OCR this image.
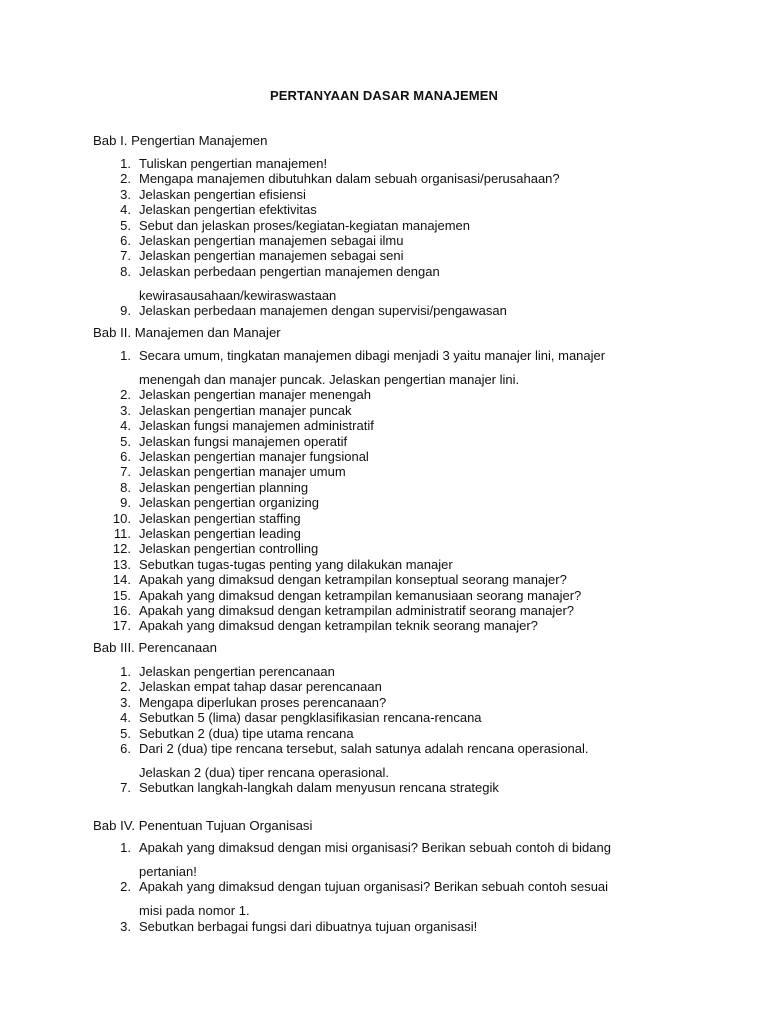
PERTANYAAN DASAR MANAJEMEN
Bab I. Pengertian Manajemen
1. Tuliskan pengertian manajemen!
2. Mengapa manajemen dibutuhkan dalam sebuah organisasi/perusahaan?
3. Jelaskan pengertian efisiensi
4. Jelaskan pengertian efektivitas
5. Sebut dan jelaskan proses/kegiatan-kegiatan manajemen
6. Jelaskan pengertian manajemen sebagai ilmu
7. Jelaskan pengertian manajemen sebagai seni
8. Jelaskan perbedaan pengertian manajemen dengan
kewirasausahaan/kewiraswastaan
9. Jelaskan perbedaan manajemen dengan supervisi/pengawasan
Bab II. Manajemen dan Manajer
1. Secara umum, tingkatan manajemen dibagi menjadi 3 yaitu manajer lini, manajer
menengah dan manajer puncak. Jelaskan pengertian manajer lini.
2. Jelaskan pengertian manajer menengah
3. Jelaskan pengertian manajer puncak
4. Jelaskan fungsi manajemen administratif
5. Jelaskan fungsi manajemen operatif
6. Jelaskan pengertian manajer fungsional
7. Jelaskan pengertian manajer umum
8. Jelaskan pengertian planning
9. Jelaskan pengertian organizing
10. Jelaskan pengertian staffing
11. Jelaskan pengertian leading
12. Jelaskan pengertian controlling
13. Sebutkan tugas-tugas penting yang dilakukan manajer
14. Apakah yang dimaksud dengan ketrampilan konseptual seorang manajer?
15. Apakah yang dimaksud dengan ketrampilan kemanusiaan seorang manajer?
16. Apakah yang dimaksud dengan ketrampilan administratif seorang manajer?
17. Apakah yang dimaksud dengan ketrampilan teknik seorang manajer?
Bab III. Perencanaan
1. Jelaskan pengertian perencanaan
2. Jelaskan empat tahap dasar perencanaan
3. Mengapa diperlukan proses perencanaan?
4. Sebutkan 5 (lima) dasar pengklasifikasian rencana-rencana
5. Sebutkan 2 (dua) tipe utama rencana
6. Dari 2 (dua) tipe rencana tersebut, salah satunya adalah rencana operasional.
Jelaskan 2 (dua) tiper rencana operasional.
7. Sebutkan langkah-langkah dalam menyusun rencana strategik
Bab IV. Penentuan Tujuan Organisasi
1. Apakah yang dimaksud dengan misi organisasi? Berikan sebuah contoh di bidang
pertanian!
2. Apakah yang dimaksud dengan tujuan organisasi? Berikan sebuah contoh sesuai
misi pada nomor 1.
3. Sebutkan berbagai fungsi dari dibuatnya tujuan organisasi!
